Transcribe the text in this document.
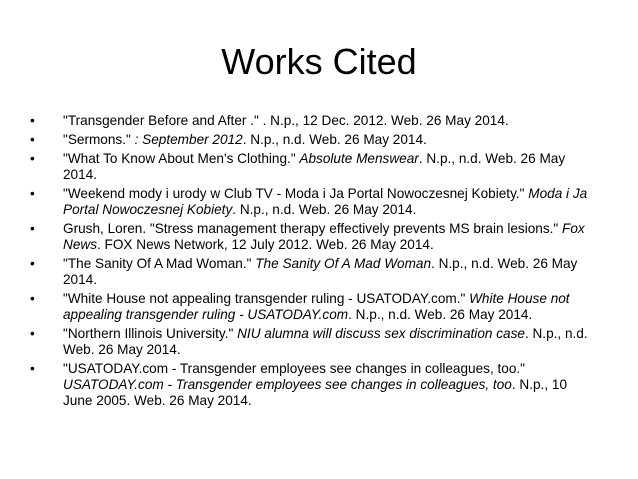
Works Cited
• "Transgender Before and After ." . N.p., 12 Dec. 2012. Web. 26 May 2014.
• "Sermons." : September 2012. N.p., n.d. Web. 26 May 2014.
• "What To Know About Men's Clothing." Absolute Menswear. N.p., n.d. Web. 26 May 2014.
• "Weekend mody i urody w Club TV - Moda i Ja Portal Nowoczesnej Kobiety." Moda i Ja Portal Nowoczesnej Kobiety. N.p., n.d. Web. 26 May 2014.
• Grush, Loren. "Stress management therapy effectively prevents MS brain lesions." Fox News. FOX News Network, 12 July 2012. Web. 26 May 2014.
• "The Sanity Of A Mad Woman." The Sanity Of A Mad Woman. N.p., n.d. Web. 26 May 2014.
• "White House not appealing transgender ruling - USATODAY.com." White House not appealing transgender ruling - USATODAY.com. N.p., n.d. Web. 26 May 2014.
• "Northern Illinois University." NIU alumna will discuss sex discrimination case. N.p., n.d. Web. 26 May 2014.
• "USATODAY.com - Transgender employees see changes in colleagues, too." USATODAY.com - Transgender employees see changes in colleagues, too. N.p., 10 June 2005. Web. 26 May 2014.
